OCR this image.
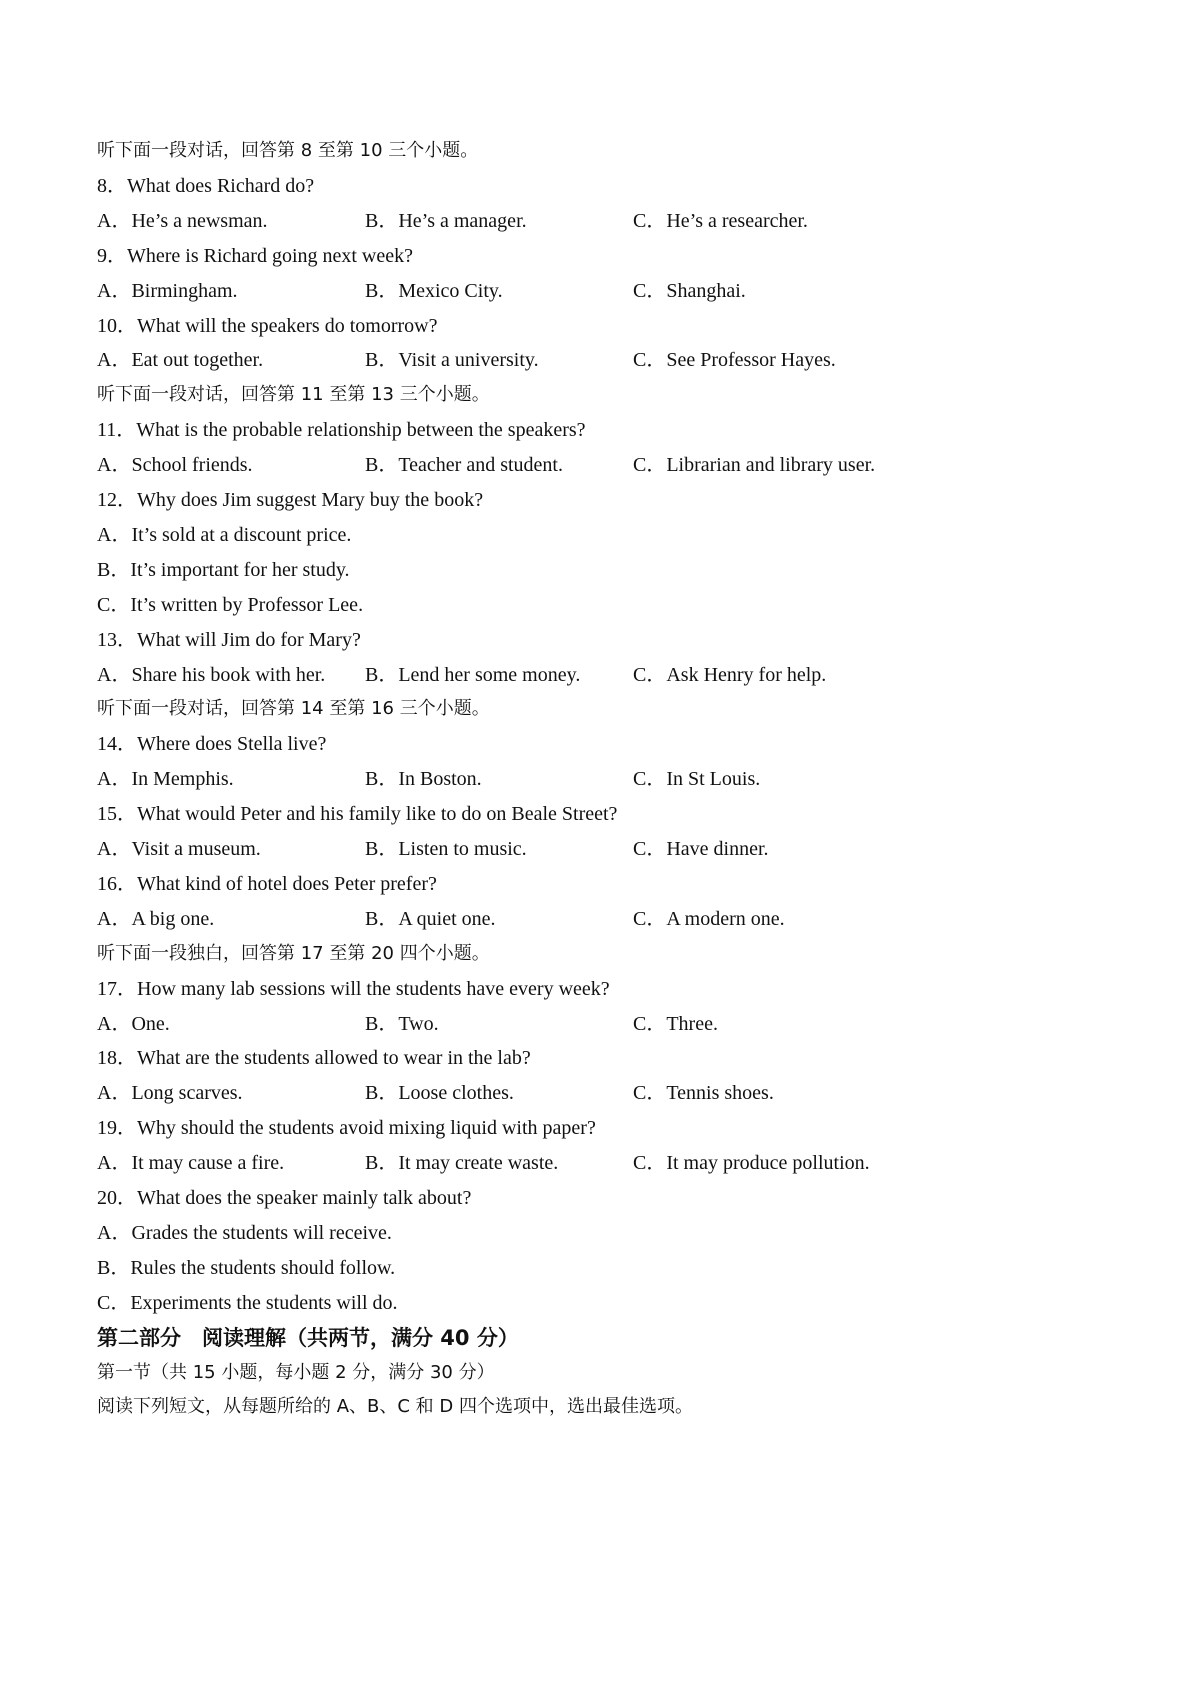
听下面一段对话，回答第 8 至第 10 三个小题。
8．What does Richard do?
A．He’s a newsman.	B．He’s a manager.	C．He’s a researcher.
9．Where is Richard going next week?
A．Birmingham.	B．Mexico City.	C．Shanghai.
10．What will the speakers do tomorrow?
A．Eat out together.	B．Visit a university.	C．See Professor Hayes.
听下面一段对话，回答第 11 至第 13 三个小题。
11．What is the probable relationship between the speakers?
A．School friends.	B．Teacher and student.	C．Librarian and library user.
12．Why does Jim suggest Mary buy the book?
A．It’s sold at a discount price.
B．It’s important for her study.
C．It’s written by Professor Lee.
13．What will Jim do for Mary?
A．Share his book with her. B．Lend her some money.	C．Ask Henry for help.
听下面一段对话，回答第 14 至第 16 三个小题。
14．Where does Stella live?
A．In Memphis.	B．In Boston.	C．In St Louis.
15．What would Peter and his family like to do on Beale Street?
A．Visit a museum.	B．Listen to music.	C．Have dinner.
16．What kind of hotel does Peter prefer?
A．A big one.	B．A quiet one.	C．A modern one.
听下面一段独白，回答第 17 至第 20 四个小题。
17．How many lab sessions will the students have every week?
A．One.	B．Two.	C．Three.
18．What are the students allowed to wear in the lab?
A．Long scarves.	B．Loose clothes.	C．Tennis shoes.
19．Why should the students avoid mixing liquid with paper?
A．It may cause a fire.	B．It may create waste.	C．It may produce pollution.
20．What does the speaker mainly talk about?
A．Grades the students will receive.
B．Rules the students should follow.
C．Experiments the students will do.
第二部分　阅读理解（共两节，满分 40 分）
第一节（共 15 小题，每小题 2 分，满分 30 分）
阅读下列短文，从每题所给的 A、B、C 和 D 四个选项中，选出最佳选项。
